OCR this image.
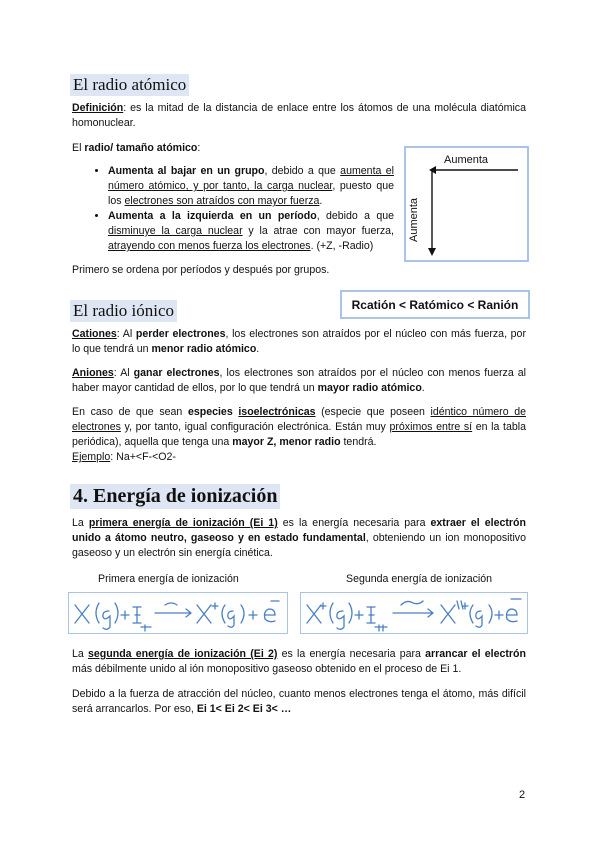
El radio atómico
Definición: es la mitad de la distancia de enlace entre los átomos de una molécula diatómica homonuclear.
El radio/ tamaño atómico:
• Aumenta al bajar en un grupo, debido a que aumenta el número atómico, y por tanto, la carga nuclear, puesto que los electrones son atraídos con mayor fuerza.
• Aumenta a la izquierda en un período, debido a que disminuye la carga nuclear y la atrae con mayor fuerza, atrayendo con menos fuerza los electrones. (+Z, -Radio)
Aumenta
Aumenta
Primero se ordena por períodos y después por grupos.
El radio iónico	Rcatión < Ratómico < Ranión
Cationes: Al perder electrones, los electrones son atraídos por el núcleo con más fuerza, por lo que tendrá un menor radio atómico.
Aniones: Al ganar electrones, los electrones son atraídos por el núcleo con menos fuerza al haber mayor cantidad de ellos, por lo que tendrá un mayor radio atómico.
En caso de que sean especies isoelectrónicas (especie que poseen idéntico número de electrones y, por tanto, igual configuración electrónica. Están muy próximos entre sí en la tabla periódica), aquella que tenga una mayor Z, menor radio tendrá.
Ejemplo: Na+<F-<O2-
4. Energía de ionización
La primera energía de ionización (Ei 1) es la energía necesaria para extraer el electrón unido a átomo neutro, gaseoso y en estado fundamental, obteniendo un ion monopositivo gaseoso y un electrón sin energía cinética.
Primera energía de ionización	Segunda energía de ionización
La segunda energía de ionización (Ei 2) es la energía necesaria para arrancar el electrón más débilmente unido al ión monopositivo gaseoso obtenido en el proceso de Ei 1.
Debido a la fuerza de atracción del núcleo, cuanto menos electrones tenga el átomo, más difícil será arrancarlos. Por eso, Ei 1< Ei 2< Ei 3< …
2
